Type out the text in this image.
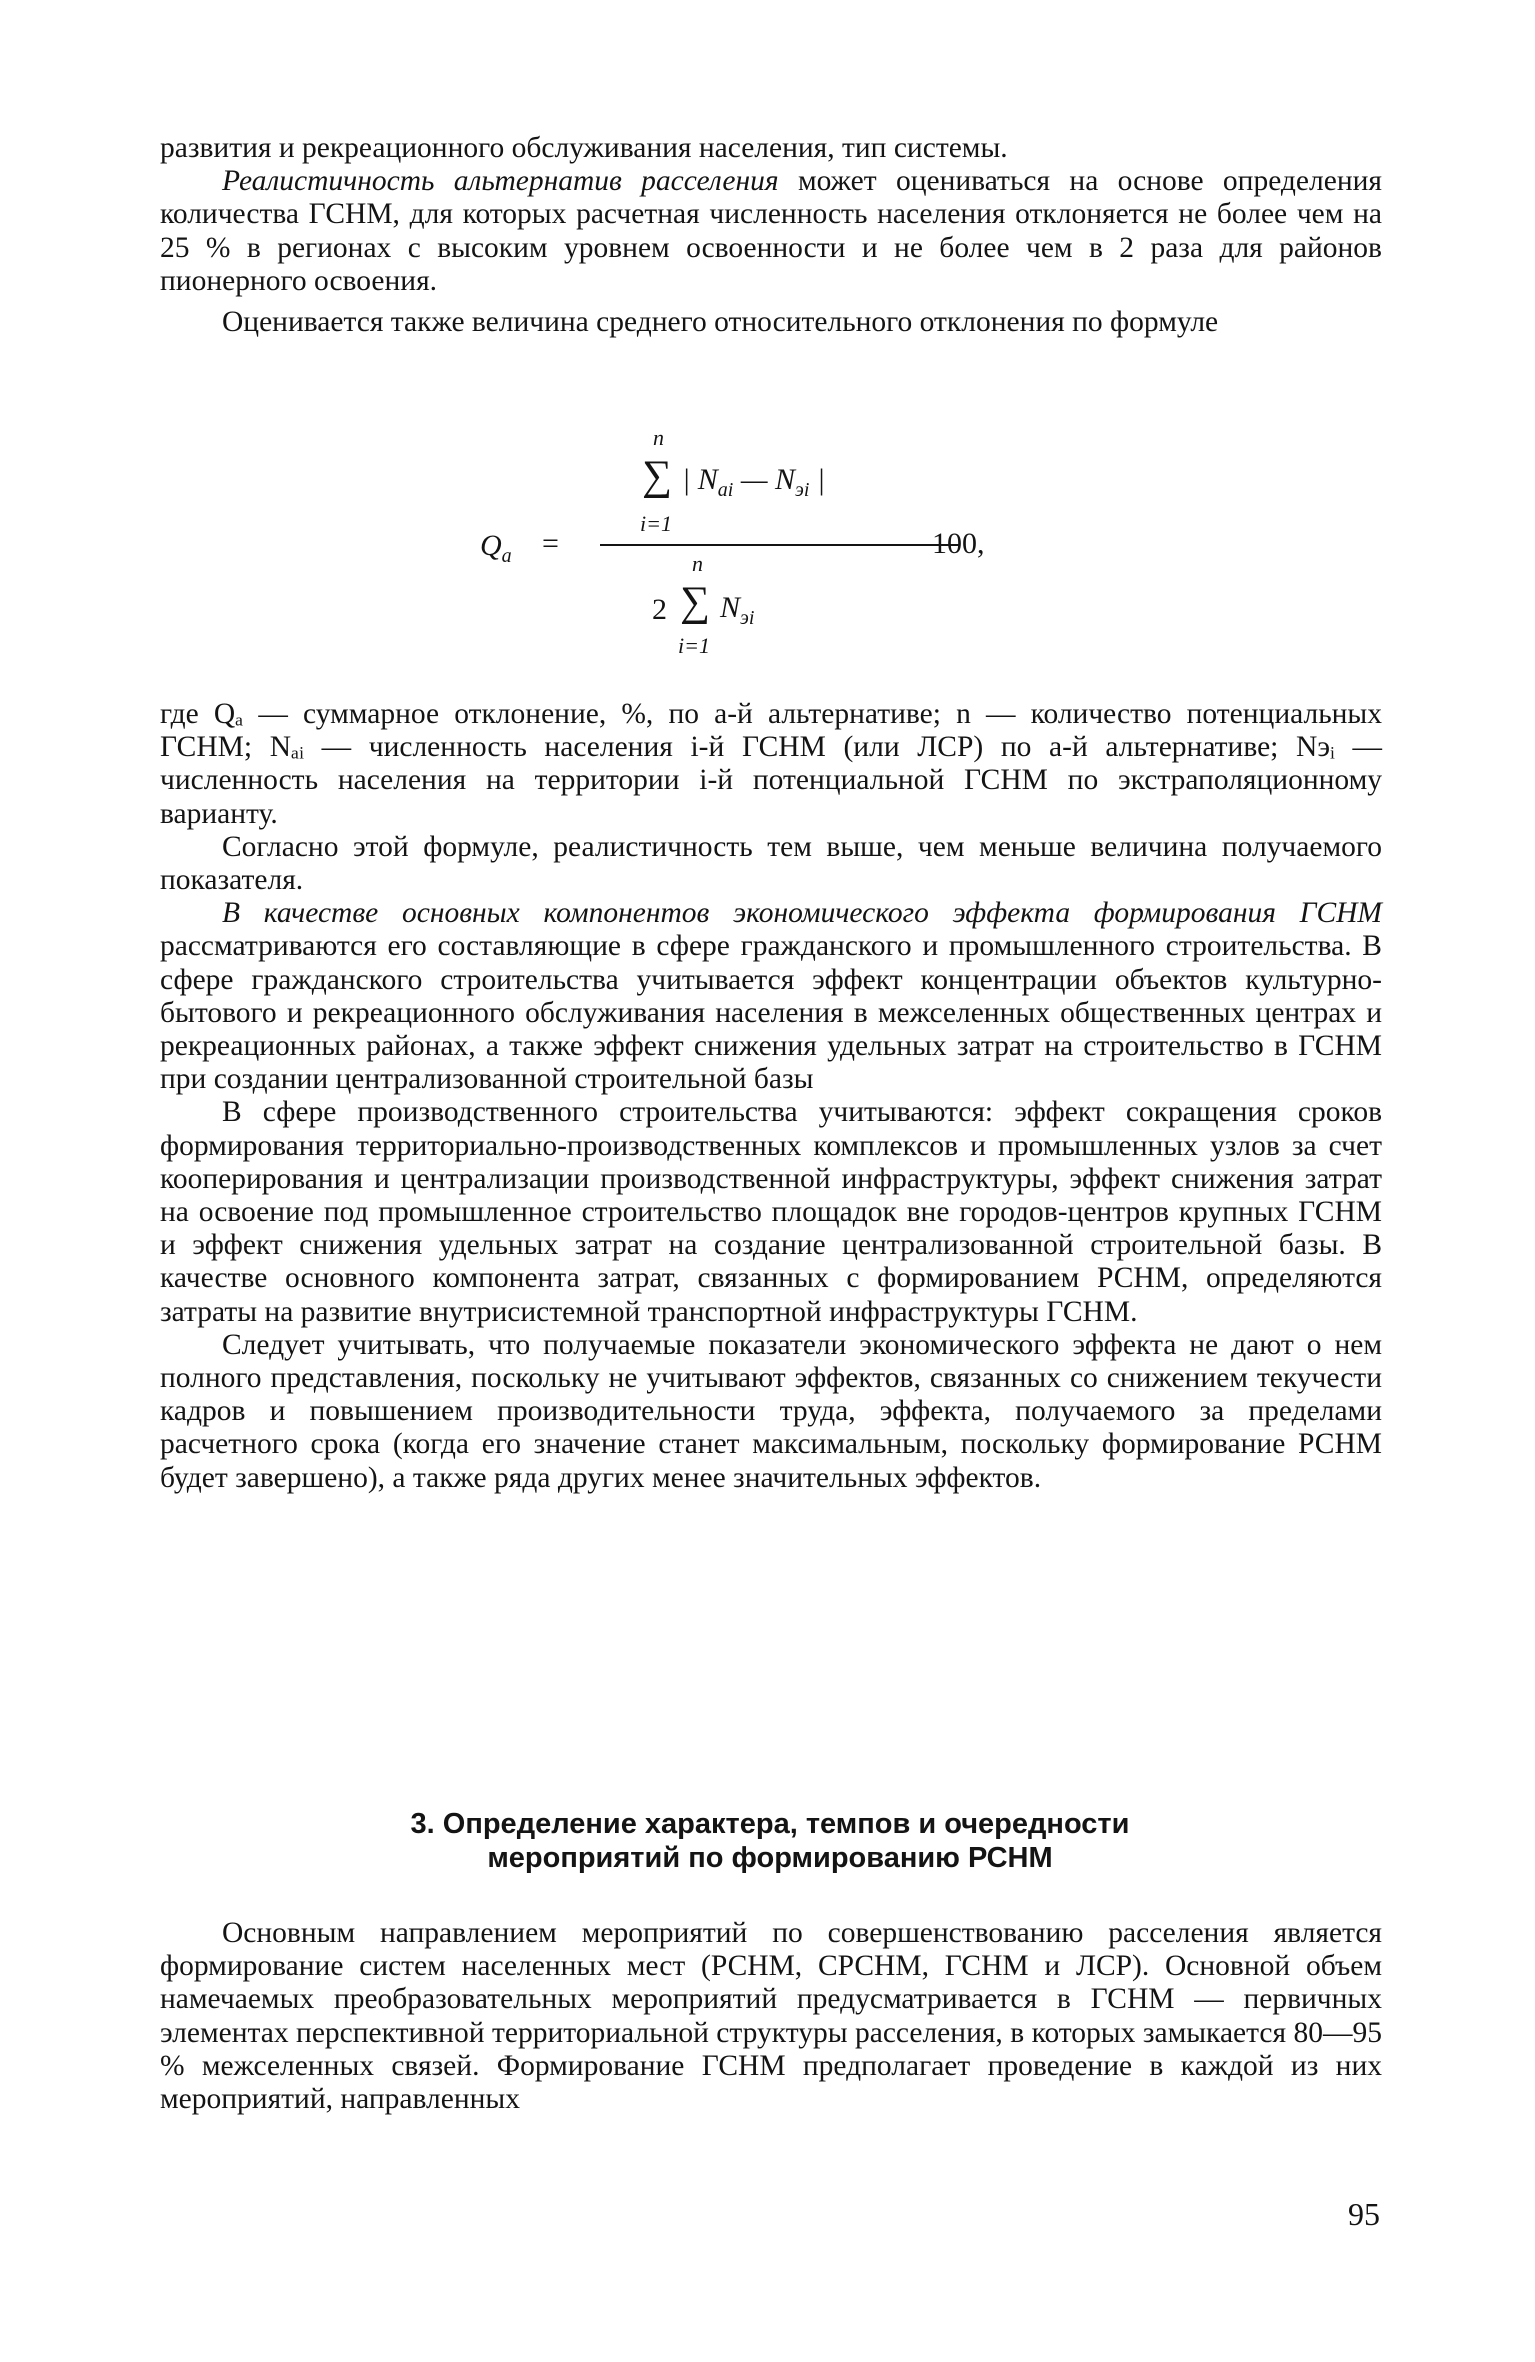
развития и рекреационного обслуживания населения, тип системы.

Реалистичность альтернатив расселения может оцениваться на основе определения количества ГСНМ, для которых расчетная численность населения отклоняется не более чем на 25 % в регионах с высоким уровнем освоенности и не более чем в 2 раза для районов пионерного освоения.

Оценивается также величина среднего относительного отклонения по формуле

$Q_a$ =
n
∑ | $N_{ai}$ — $N_{эi}$ |
i=1
n
2 ∑ $N_{эi}$
i=1
100,

где Qₐ — суммарное отклонение, %, по a-й альтернативе; n — количество потенциальных ГСНМ; Nₐᵢ — численность населения i-й ГСНМ (или ЛСР) по a-й альтернативе; Nэᵢ — численность населения на территории i-й потенциальной ГСНМ по экстраполяционному варианту.

Согласно этой формуле, реалистичность тем выше, чем меньше величина получаемого показателя.

В качестве основных компонентов экономического эффекта формирования ГСНМ рассматриваются его составляющие в сфере гражданского и промышленного строительства. В сфере гражданского строительства учитывается эффект концентрации объектов культурно-бытового и рекреационного обслуживания населения в межселенных общественных центрах и рекреационных районах, а также эффект снижения удельных затрат на строительство в ГСНМ при создании централизованной строительной базы

В сфере производственного строительства учитываются: эффект сокращения сроков формирования территориально-производственных комплексов и промышленных узлов за счет кооперирования и централизации производственной инфраструктуры, эффект снижения затрат на освоение под промышленное строительство площадок вне городов-центров крупных ГСНМ и эффект снижения удельных затрат на создание централизованной строительной базы. В качестве основного компонента затрат, связанных с формированием РСНМ, определяются затраты на развитие внутрисистемной транспортной инфраструктуры ГСНМ.

Следует учитывать, что получаемые показатели экономического эффекта не дают о нем полного представления, поскольку не учитывают эффектов, связанных со снижением текучести кадров и повышением производительности труда, эффекта, получаемого за пределами расчетного срока (когда его значение станет максимальным, поскольку формирование РСНМ будет завершено), а также ряда других менее значительных эффектов.

3. Определение характера, темпов и очередности
мероприятий по формированию РСНМ

Основным направлением мероприятий по совершенствованию расселения является формирование систем населенных мест (РСНМ, СРСНМ, ГСНМ и ЛСР). Основной объем намечаемых преобразовательных мероприятий предусматривается в ГСНМ — первичных элементах перспективной территориальной структуры расселения, в которых замыкается 80—95 % межселенных связей. Формирование ГСНМ предполагает проведение в каждой из них мероприятий, направленных

95
